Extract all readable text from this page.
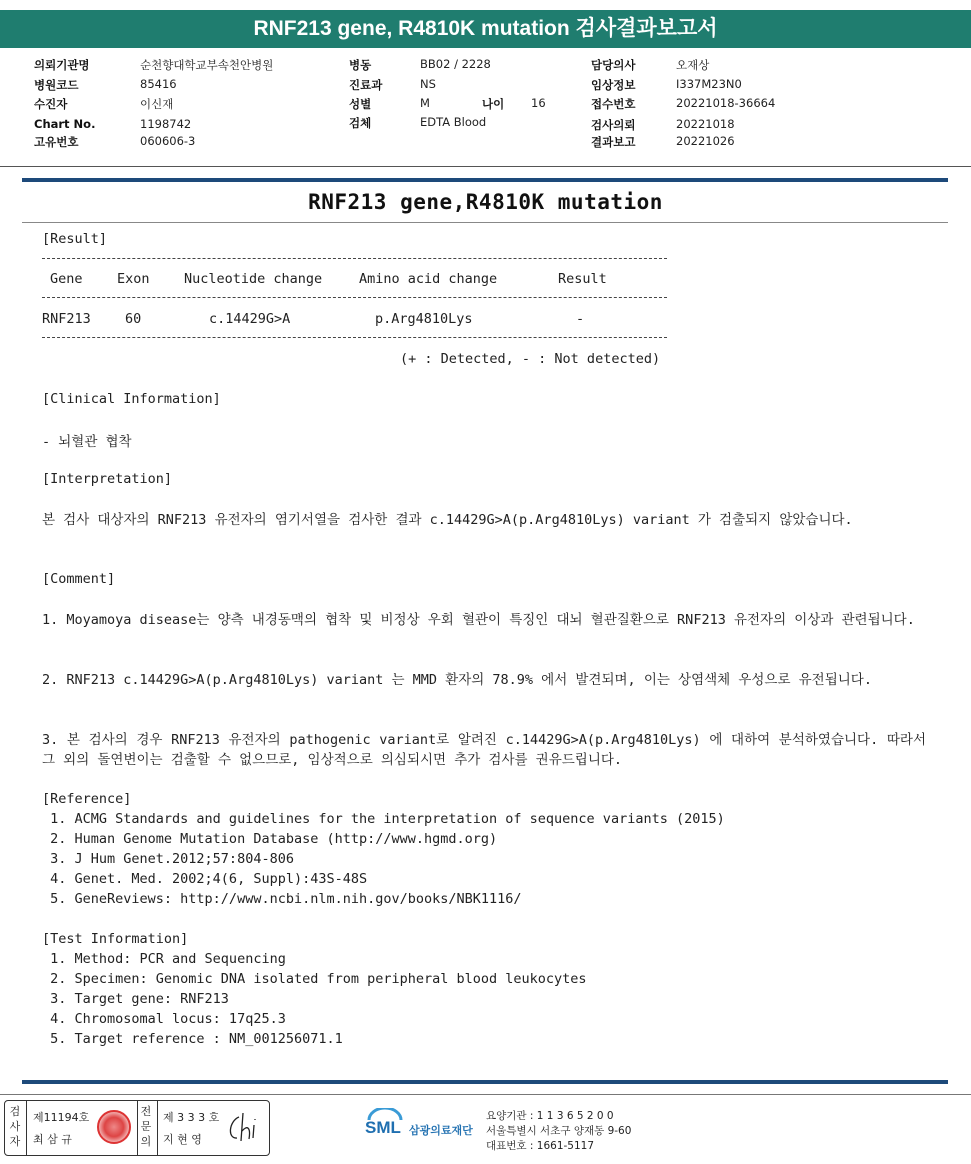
RNF213 gene, R4810K mutation 검사결과보고서
의뢰기관명	순천향대학교부속천안병원
병원코드	85416
수진자	이신재
Chart No.	1198742
고유번호	060606-3
병동	BB02 / 2228
진료과	NS
성별	M	나이 16
검체	EDTA Blood
담당의사	오재상
임상정보	I337M23N0
접수번호	20221018-36664
검사의뢰	20221018
결과보고	20221026
RNF213 gene,R4810K mutation
[Result]
Gene	Exon	Nucleotide change	Amino acid change	Result
RNF213	60	c.14429G>A	p.Arg4810Lys	-
(+ : Detected, - : Not detected)
[Clinical Information]
- 뇌혈관 협착
[Interpretation]
본 검사 대상자의 RNF213 유전자의 염기서열을 검사한 결과 c.14429G>A(p.Arg4810Lys) variant 가 검출되지 않았습니다.
[Comment]
1. Moyamoya disease는 양측 내경동맥의 협착 및 비정상 우회 혈관이 특징인 대뇌 혈관질환으로 RNF213 유전자의 이상과 관련됩니다.
2. RNF213 c.14429G>A(p.Arg4810Lys) variant 는 MMD 환자의 78.9% 에서 발견되며, 이는 상염색체 우성으로 유전됩니다.
3. 본 검사의 경우 RNF213 유전자의 pathogenic variant로 알려진 c.14429G>A(p.Arg4810Lys) 에 대하여 분석하였습니다. 따라서 그 외의 돌연변이는 검출할 수 없으므로, 임상적으로 의심되시면 추가 검사를 권유드립니다.
[Reference]
1. ACMG Standards and guidelines for the interpretation of sequence variants (2015)
2. Human Genome Mutation Database (http://www.hgmd.org)
3. J Hum Genet.2012;57:804-806
4. Genet. Med. 2002;4(6, Suppl):43S-48S
5. GeneReviews: http://www.ncbi.nlm.nih.gov/books/NBK1116/
[Test Information]
1. Method: PCR and Sequencing
2. Specimen: Genomic DNA isolated from peripheral blood leukocytes
3. Target gene: RNF213
4. Chromosomal locus: 17q25.3
5. Target reference : NM_001256071.1
검
사
자
제11194호
최 삼 규
전
문
의
제 3 3 3 호
지 현 영
SML 삼광의료재단
요양기관 : 1 1 3 6 5 2 0 0
서울특별시 서초구 양재동 9-60
대표번호 : 1661-5117
